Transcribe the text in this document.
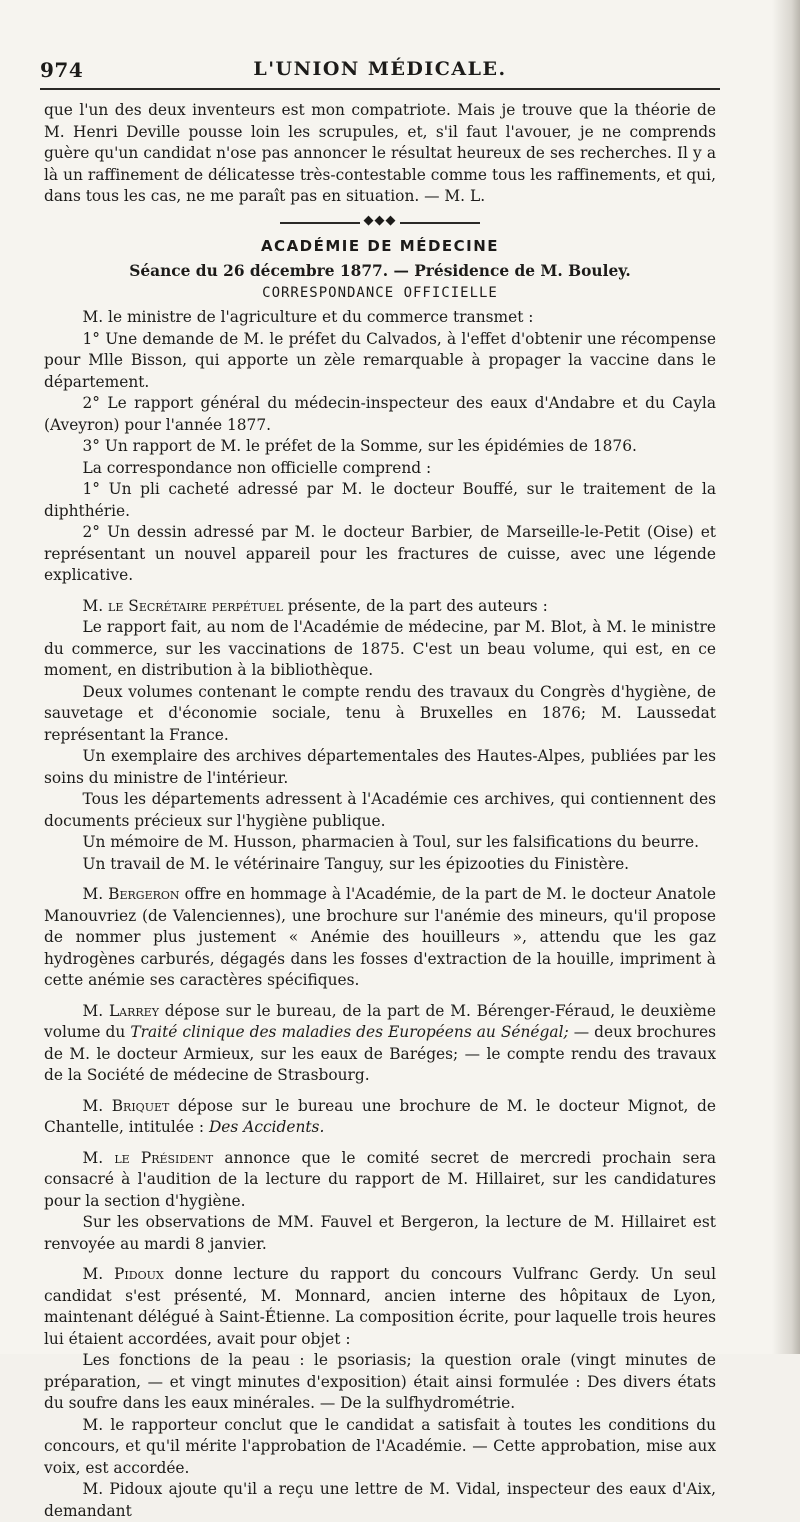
974	L'UNION MÉDICALE.

que l'un des deux inventeurs est mon compatriote. Mais je trouve que la théorie de M. Henri Deville pousse loin les scrupules, et, s'il faut l'avouer, je ne comprends guère qu'un candidat n'ose pas annoncer le résultat heureux de ses recherches. Il y a là un raffinement de délicatesse très-contestable comme tous les raffinements, et qui, dans tous les cas, ne me paraît pas en situation. — M. L.

◆◆◆
ACADÉMIE DE MÉDECINE
Séance du 26 décembre 1877. — Présidence de M. Bouley.
CORRESPONDANCE OFFICIELLE

M. le ministre de l'agriculture et du commerce transmet :

1° Une demande de M. le préfet du Calvados, à l'effet d'obtenir une récompense pour Mlle Bisson, qui apporte un zèle remarquable à propager la vaccine dans le département.

2° Le rapport général du médecin-inspecteur des eaux d'Andabre et du Cayla (Aveyron) pour l'année 1877.

3° Un rapport de M. le préfet de la Somme, sur les épidémies de 1876.

La correspondance non officielle comprend :

1° Un pli cacheté adressé par M. le docteur Bouffé, sur le traitement de la diphthérie.

2° Un dessin adressé par M. le docteur Barbier, de Marseille-le-Petit (Oise) et représentant un nouvel appareil pour les fractures de cuisse, avec une légende explicative.

M. le Secrétaire perpétuel présente, de la part des auteurs :

Le rapport fait, au nom de l'Académie de médecine, par M. Blot, à M. le ministre du commerce, sur les vaccinations de 1875. C'est un beau volume, qui est, en ce moment, en distribution à la bibliothèque.

Deux volumes contenant le compte rendu des travaux du Congrès d'hygiène, de sauvetage et d'économie sociale, tenu à Bruxelles en 1876; M. Laussedat représentant la France.

Un exemplaire des archives départementales des Hautes-Alpes, publiées par les soins du ministre de l'intérieur.

Tous les départements adressent à l'Académie ces archives, qui contiennent des documents précieux sur l'hygiène publique.

Un mémoire de M. Husson, pharmacien à Toul, sur les falsifications du beurre.

Un travail de M. le vétérinaire Tanguy, sur les épizooties du Finistère.

M. Bergeron offre en hommage à l'Académie, de la part de M. le docteur Anatole Manouvriez (de Valenciennes), une brochure sur l'anémie des mineurs, qu'il propose de nommer plus justement « Anémie des houilleurs », attendu que les gaz hydrogènes carburés, dégagés dans les fosses d'extraction de la houille, impriment à cette anémie ses caractères spécifiques.

M. Larrey dépose sur le bureau, de la part de M. Bérenger-Féraud, le deuxième volume du Traité clinique des maladies des Européens au Sénégal; — deux brochures de M. le docteur Armieux, sur les eaux de Baréges; — le compte rendu des travaux de la Société de médecine de Strasbourg.

M. Briquet dépose sur le bureau une brochure de M. le docteur Mignot, de Chantelle, intitulée : Des Accidents.

M. le Président annonce que le comité secret de mercredi prochain sera consacré à l'audition de la lecture du rapport de M. Hillairet, sur les candidatures pour la section d'hygiène.

Sur les observations de MM. Fauvel et Bergeron, la lecture de M. Hillairet est renvoyée au mardi 8 janvier.

M. Pidoux donne lecture du rapport du concours Vulfranc Gerdy. Un seul candidat s'est présenté, M. Monnard, ancien interne des hôpitaux de Lyon, maintenant délégué à Saint-Étienne. La composition écrite, pour laquelle trois heures lui étaient accordées, avait pour objet :

Les fonctions de la peau : le psoriasis; la question orale (vingt minutes de préparation, — et vingt minutes d'exposition) était ainsi formulée : Des divers états du soufre dans les eaux minérales. — De la sulfhydrométrie.

M. le rapporteur conclut que le candidat a satisfait à toutes les conditions du concours, et qu'il mérite l'approbation de l'Académie. — Cette approbation, mise aux voix, est accordée.

M. Pidoux ajoute qu'il a reçu une lettre de M. Vidal, inspecteur des eaux d'Aix, demandant
